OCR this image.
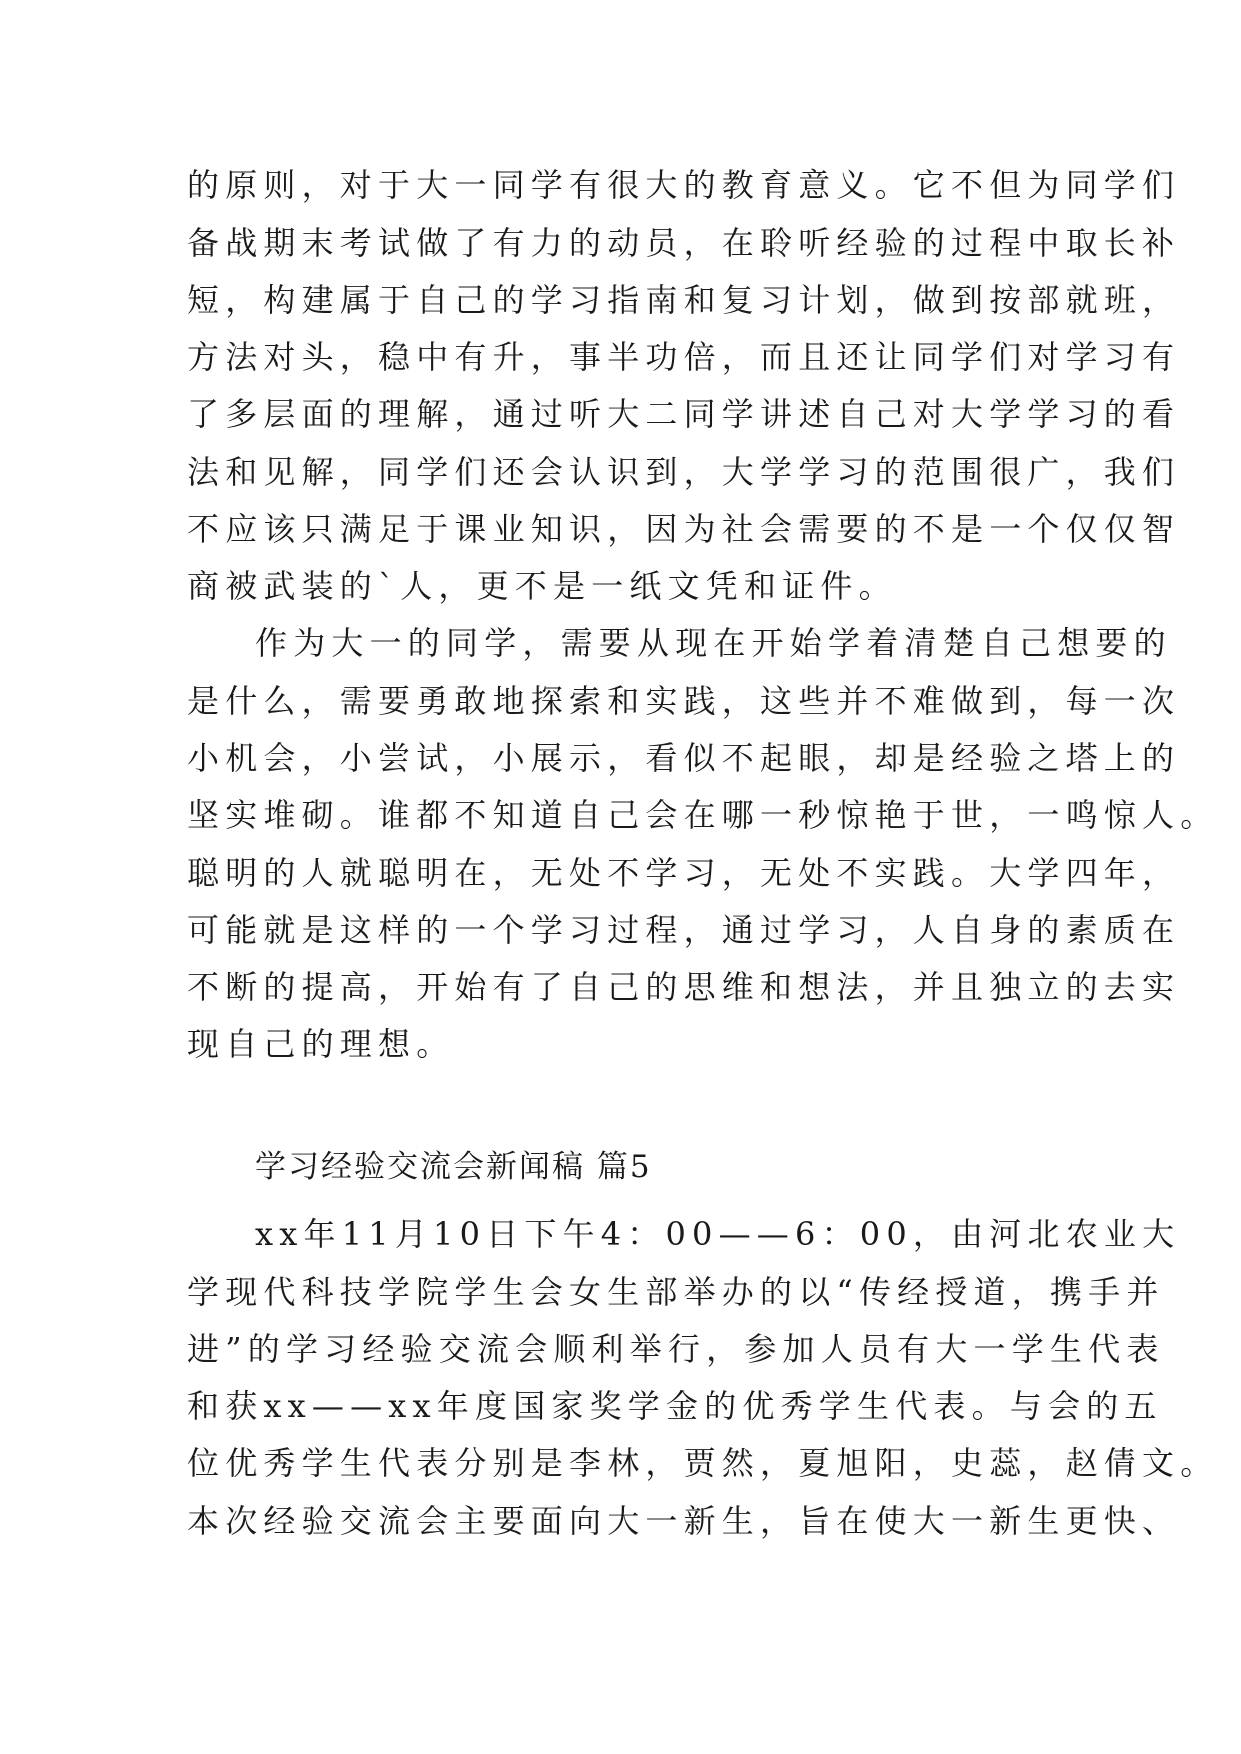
的原则，对于大一同学有很大的教育意义。它不但为同学们
备战期末考试做了有力的动员，在聆听经验的过程中取长补
短，构建属于自己的学习指南和复习计划，做到按部就班，
方法对头，稳中有升，事半功倍，而且还让同学们对学习有
了多层面的理解，通过听大二同学讲述自己对大学学习的看
法和见解，同学们还会认识到，大学学习的范围很广，我们
不应该只满足于课业知识，因为社会需要的不是一个仅仅智
商被武装的`人，更不是一纸文凭和证件。
作为大一的同学，需要从现在开始学着清楚自己想要的
是什么，需要勇敢地探索和实践，这些并不难做到，每一次
小机会，小尝试，小展示，看似不起眼，却是经验之塔上的
坚实堆砌。谁都不知道自己会在哪一秒惊艳于世，一鸣惊人。
聪明的人就聪明在，无处不学习，无处不实践。大学四年，
可能就是这样的一个学习过程，通过学习，人自身的素质在
不断的提高，开始有了自己的思维和想法，并且独立的去实
现自己的理想。
学习经验交流会新闻稿 篇5
xx年11月10日下午4：00——6：00，由河北农业大
学现代科技学院学生会女生部举办的以“传经授道，携手并
进”的学习经验交流会顺利举行，参加人员有大一学生代表
和获xx——xx年度国家奖学金的优秀学生代表。与会的五
位优秀学生代表分别是李林，贾然，夏旭阳，史蕊，赵倩文。
本次经验交流会主要面向大一新生，旨在使大一新生更快、
